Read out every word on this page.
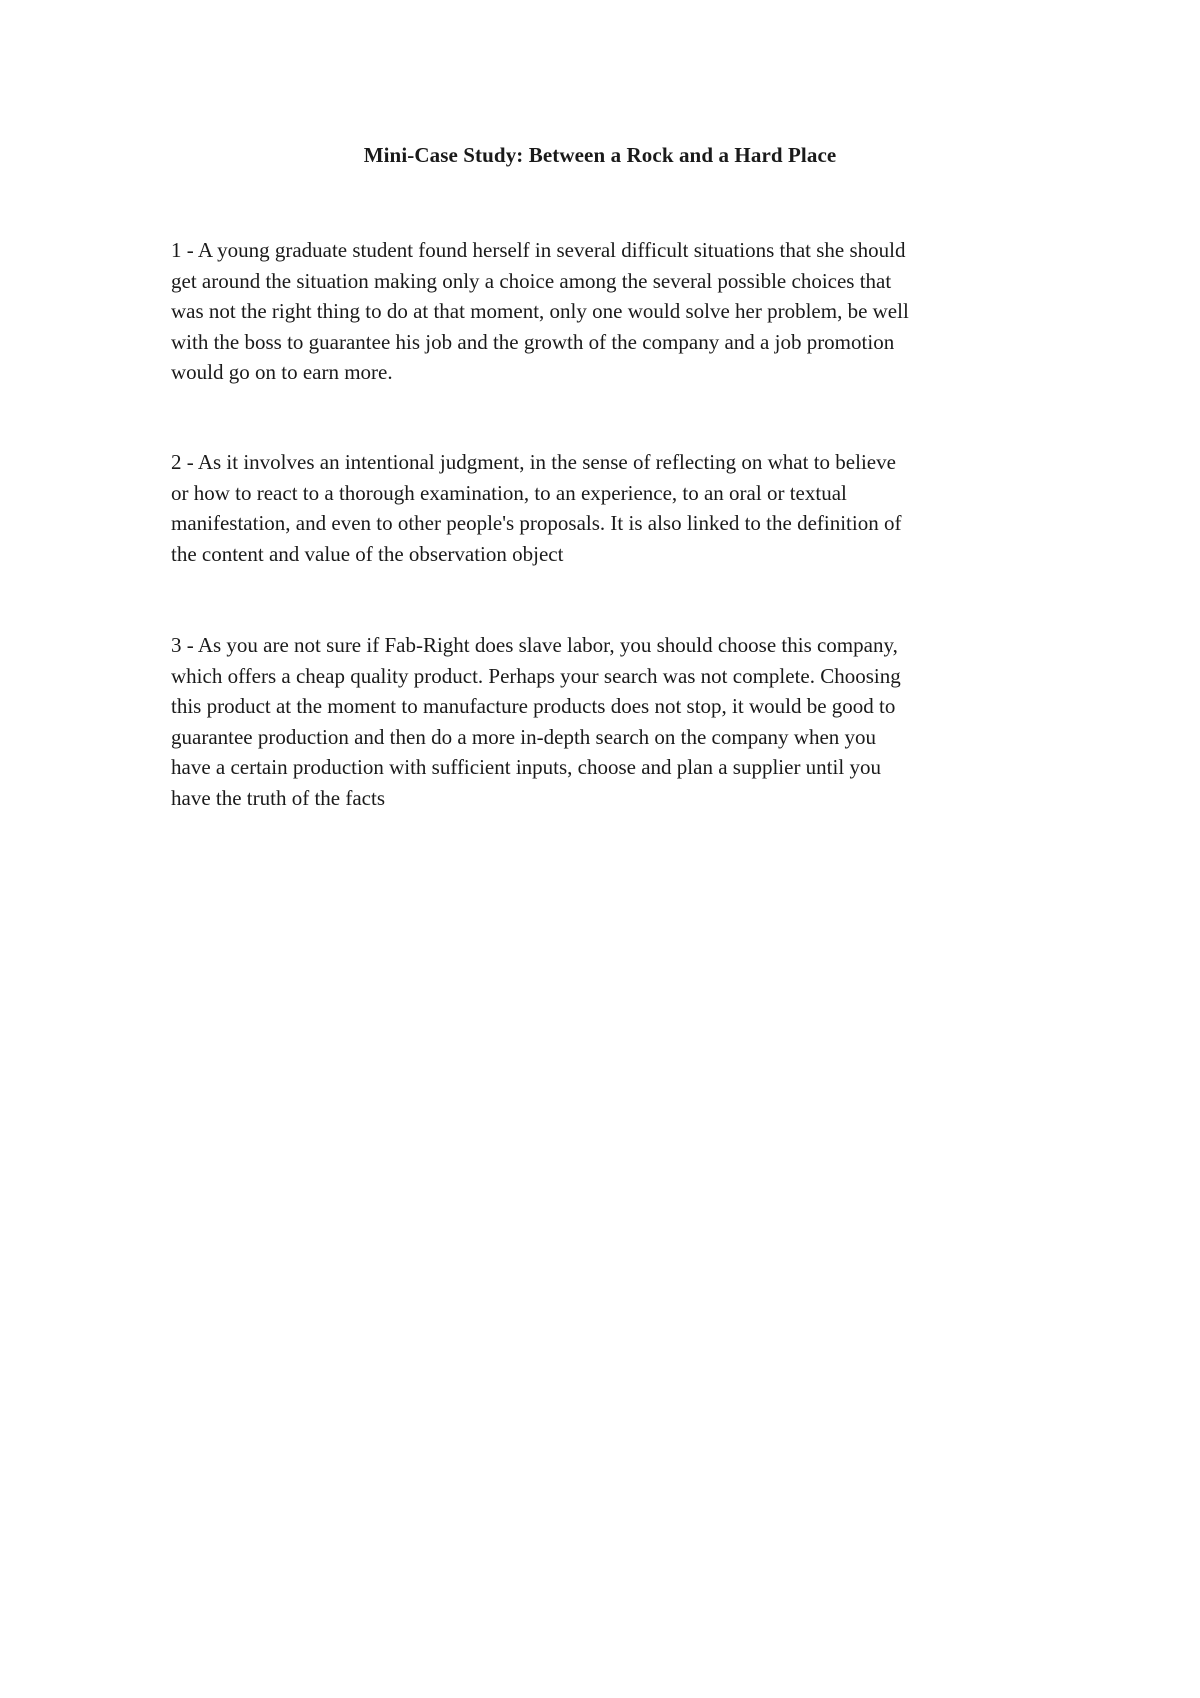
Mini-Case Study: Between a Rock and a Hard Place

1 - A young graduate student found herself in several difficult situations that she should
get around the situation making only a choice among the several possible choices that
was not the right thing to do at that moment, only one would solve her problem, be well
with the boss to guarantee his job and the growth of the company and a job promotion
would go on to earn more.

2 - As it involves an intentional judgment, in the sense of reflecting on what to believe
or how to react to a thorough examination, to an experience, to an oral or textual
manifestation, and even to other people's proposals. It is also linked to the definition of
the content and value of the observation object

3 - As you are not sure if Fab-Right does slave labor, you should choose this company,
which offers a cheap quality product. Perhaps your search was not complete. Choosing
this product at the moment to manufacture products does not stop, it would be good to
guarantee production and then do a more in-depth search on the company when you
have a certain production with sufficient inputs, choose and plan a supplier until you
have the truth of the facts
